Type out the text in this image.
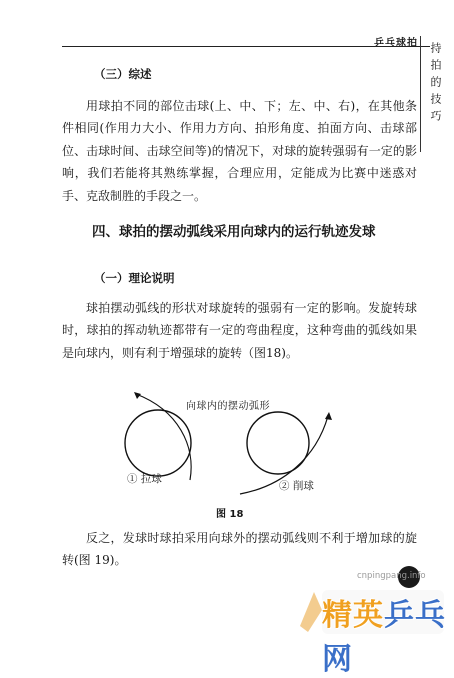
乒乓球拍 持拍的技巧
（三）综述
用球拍不同的部位击球(上、中、下；左、中、右)，在其他条件相同(作用力大小、作用力方向、拍形角度、拍面方向、击球部位、击球时间、击球空间等)的情况下，对球的旋转强弱有一定的影响，我们若能将其熟练掌握，合理应用，定能成为比赛中迷惑对手、克敌制胜的手段之一。
四、球拍的摆动弧线采用向球内的运行轨迹发球
（一）理论说明
球拍摆动弧线的形状对球旋转的强弱有一定的影响。发旋转球时，球拍的挥动轨迹都带有一定的弯曲程度，这种弯曲的弧线如果是向球内，则有利于增强球的旋转（图18)。
向球内的摆动弧形
① 拉球
② 削球
图 18
反之，发球时球拍采用向球外的摆动弧线则不利于增加球的旋转(图 19)。
cnpingpang.info
精英乒乓网
